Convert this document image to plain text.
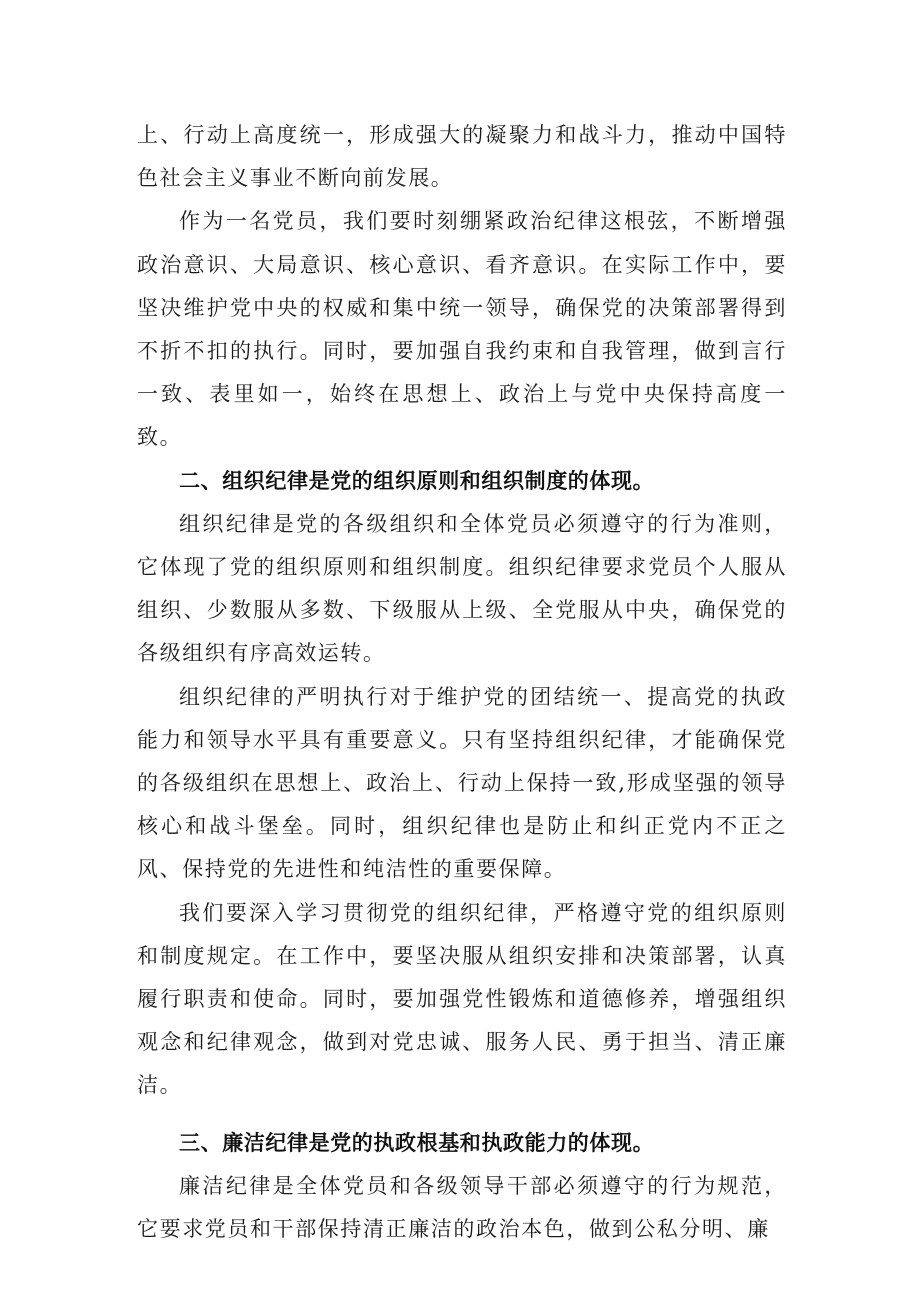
上、行动上高度统一，形成强大的凝聚力和战斗力，推动中国特色社会主义事业不断向前发展。

作为一名党员，我们要时刻绷紧政治纪律这根弦，不断增强政治意识、大局意识、核心意识、看齐意识。在实际工作中，要坚决维护党中央的权威和集中统一领导，确保党的决策部署得到不折不扣的执行。同时，要加强自我约束和自我管理，做到言行一致、表里如一，始终在思想上、政治上与党中央保持高度一致。

二、组织纪律是党的组织原则和组织制度的体现。

组织纪律是党的各级组织和全体党员必须遵守的行为准则，它体现了党的组织原则和组织制度。组织纪律要求党员个人服从组织、少数服从多数、下级服从上级、全党服从中央，确保党的各级组织有序高效运转。

组织纪律的严明执行对于维护党的团结统一、提高党的执政能力和领导水平具有重要意义。只有坚持组织纪律，才能确保党的各级组织在思想上、政治上、行动上保持一致,形成坚强的领导核心和战斗堡垒。同时，组织纪律也是防止和纠正党内不正之风、保持党的先进性和纯洁性的重要保障。

我们要深入学习贯彻党的组织纪律，严格遵守党的组织原则和制度规定。在工作中，要坚决服从组织安排和决策部署，认真履行职责和使命。同时，要加强党性锻炼和道德修养，增强组织观念和纪律观念，做到对党忠诚、服务人民、勇于担当、清正廉洁。

三、廉洁纪律是党的执政根基和执政能力的体现。

廉洁纪律是全体党员和各级领导干部必须遵守的行为规范，它要求党员和干部保持清正廉洁的政治本色，做到公私分明、廉
